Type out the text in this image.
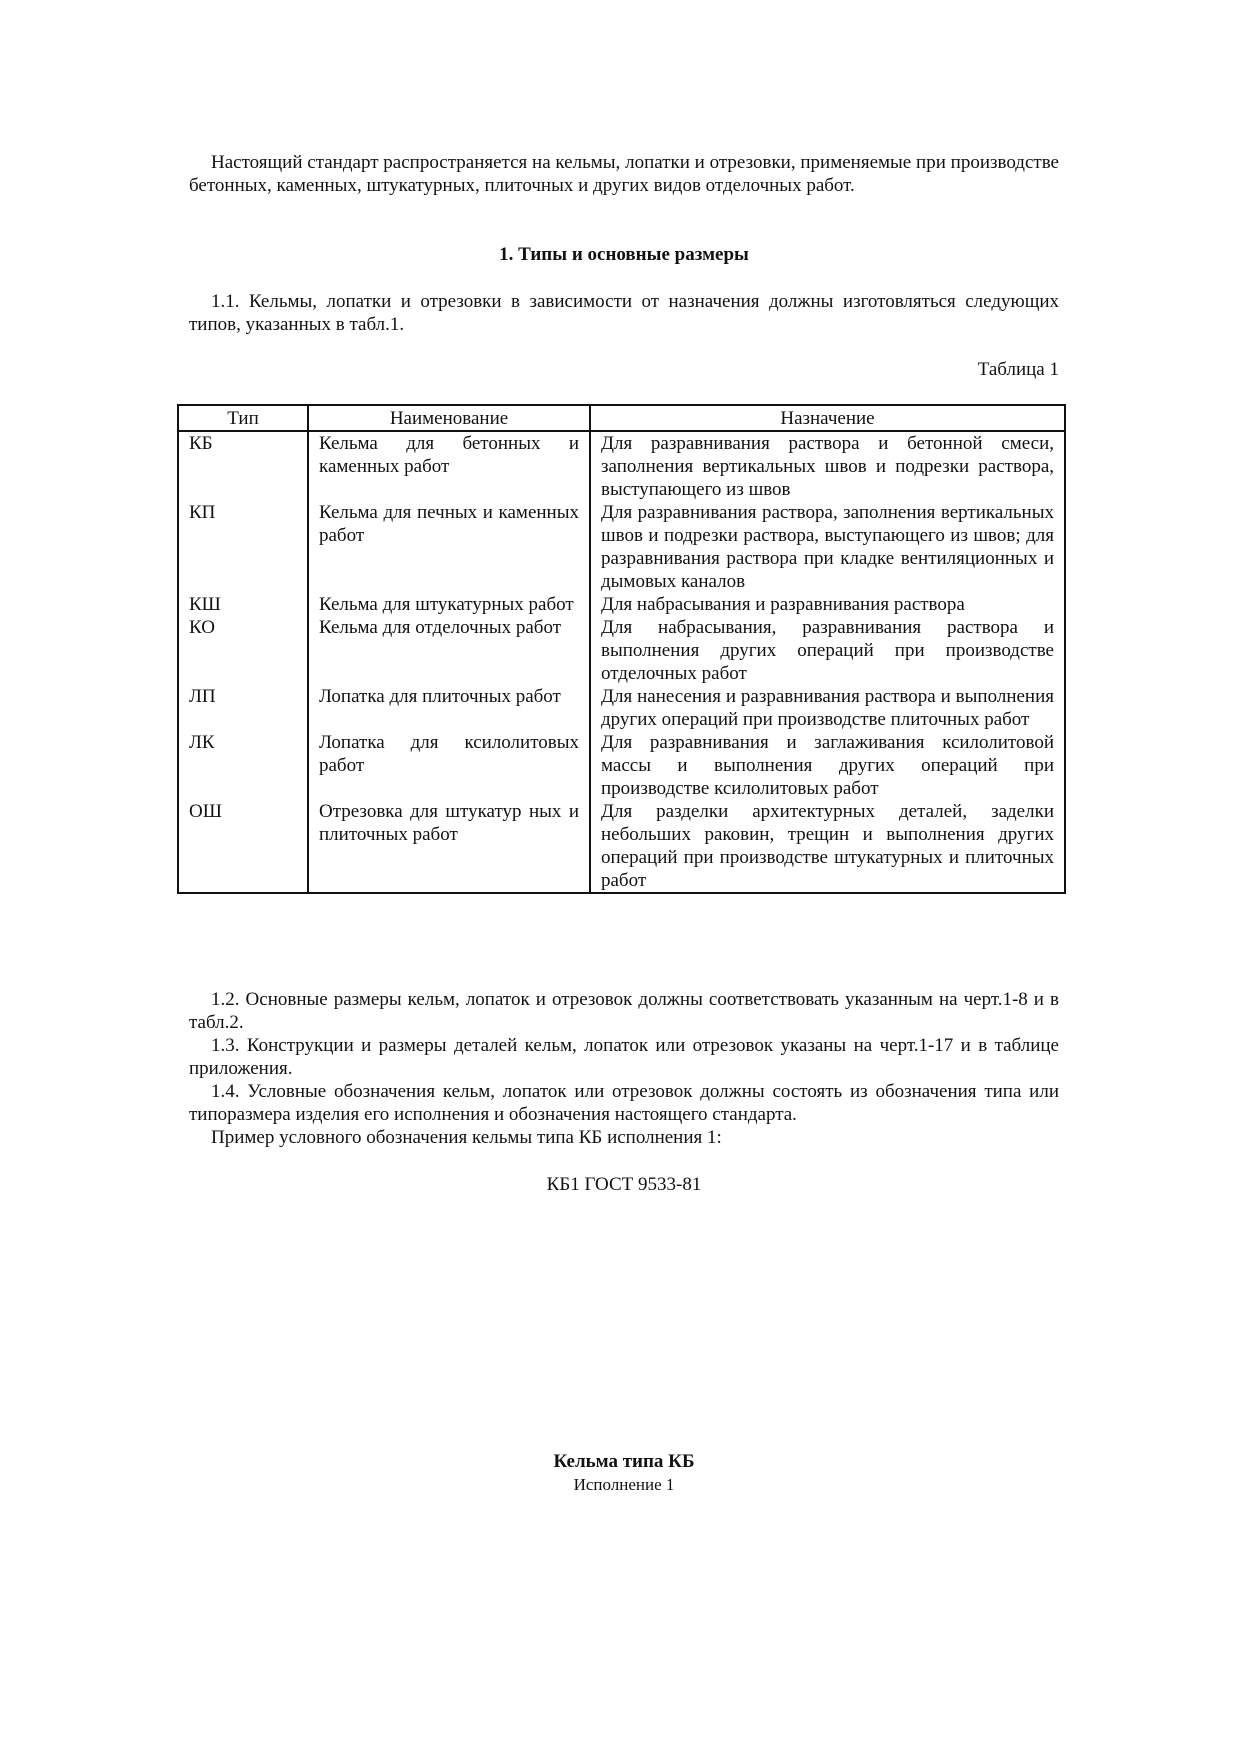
Настоящий стандарт распространяется на кельмы, лопатки и отрезовки, применяемые при производстве бетонных, каменных, штукатурных, плиточных и других видов отделочных работ.

1. Типы и основные размеры

1.1. Кельмы, лопатки и отрезовки в зависимости от назначения должны изготовляться следующих типов, указанных в табл.1.

Таблица 1

Тип	Наименование	Назначение
КБ	Кельма для бетонных и каменных работ	Для разравнивания раствора и бетонной смеси, заполнения вертикальных швов и подрезки раствора, выступающего из швов
КП	Кельма для печных и каменных работ	Для разравнивания раствора, заполнения вертикальных швов и подрезки раствора, выступающего из швов; для разравнивания раствора при кладке вентиляционных и дымовых каналов
КШ	Кельма для штукатурных работ	Для набрасывания и разравнивания раствора
КО	Кельма для отделочных работ	Для набрасывания, разравнивания раствора и выполнения других операций при производстве отделочных работ
ЛП	Лопатка для плиточных работ	Для нанесения и разравнивания раствора и выполнения других операций при производстве плиточных работ
ЛК	Лопатка для ксилолитовых работ	Для разравнивания и заглаживания ксилолитовой массы и выполнения других операций при производстве ксилолитовых работ
ОШ	Отрезовка для штукатур ных и плиточных работ	Для разделки архитектурных деталей, заделки небольших раковин, трещин и выполнения других операций при производстве штукатурных и плиточных работ

1.2. Основные размеры кельм, лопаток и отрезовок должны соответствовать указанным на черт.1-8 и в табл.2.

1.3. Конструкции и размеры деталей кельм, лопаток или отрезовок указаны на черт.1-17 и в таблице приложения.

1.4. Условные обозначения кельм, лопаток или отрезовок должны состоять из обозначения типа или типоразмера изделия его исполнения и обозначения настоящего стандарта.

Пример условного обозначения кельмы типа КБ исполнения 1:

КБ1 ГОСТ 9533-81

Кельма типа КБ

Исполнение 1
